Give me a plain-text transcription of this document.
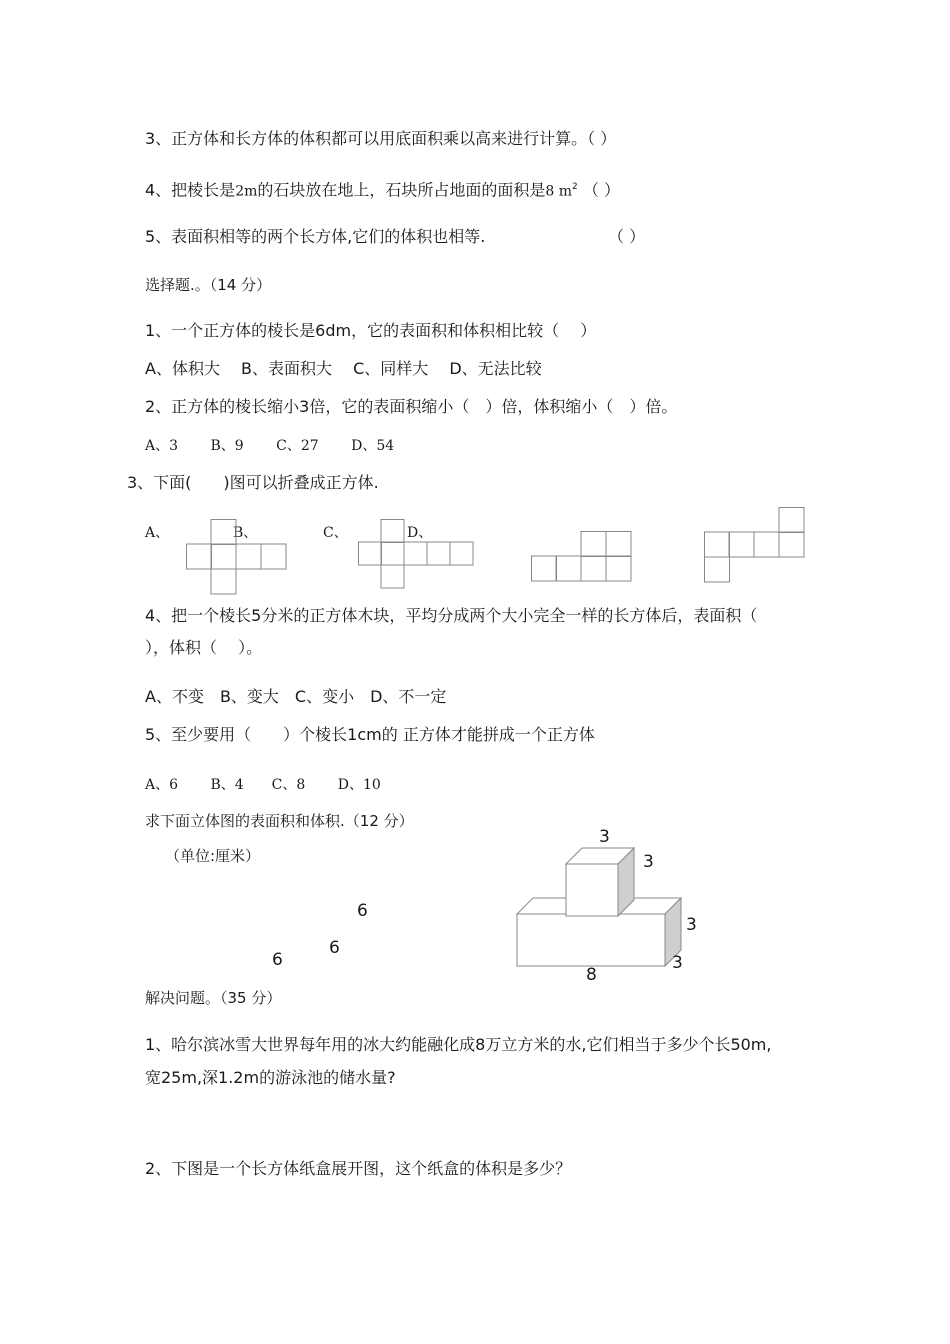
3、正方体和长方体的体积都可以用底面积乘以高来进行计算。（ ）
4、把棱长是2m的石块放在地上，石块所占地面的面积是8 $m^2$ （ ）
5、表面积相等的两个长方体,它们的体积也相等.	（ ）
选择题.。（14 分）
1、一个正方体的棱长是6dm，它的表面积和体积相比较（　 ）
A、体积大　 B、表面积大　 C、同样大　 D、无法比较
2、正方体的棱长缩小3倍，它的表面积缩小（　）倍，体积缩小（　）倍。
A、3　　 B、9　　 C、27　　 D、54
3、下面(　　)图可以折叠成正方体.
A、	B、	C、	D、
4、把一个棱长5分米的正方体木块，平均分成两个大小完全一样的长方体后，表面积（
），体积（　 ）。
A、不变　B、变大　C、变小　D、不一定
5、至少要用（　　）个棱长1cm的 正方体才能拼成一个正方体
A、6　　 B、4　　C、8　　 D、10
求下面立体图的表面积和体积.（12 分）
（单位:厘米）
6
6
6
3
3
3
3
8
解决问题。（35 分）
1、哈尔滨冰雪大世界每年用的冰大约能融化成8万立方米的水,它们相当于多少个长50m,
宽25m,深1.2m的游泳池的储水量?
2、下图是一个长方体纸盒展开图，这个纸盒的体积是多少？
